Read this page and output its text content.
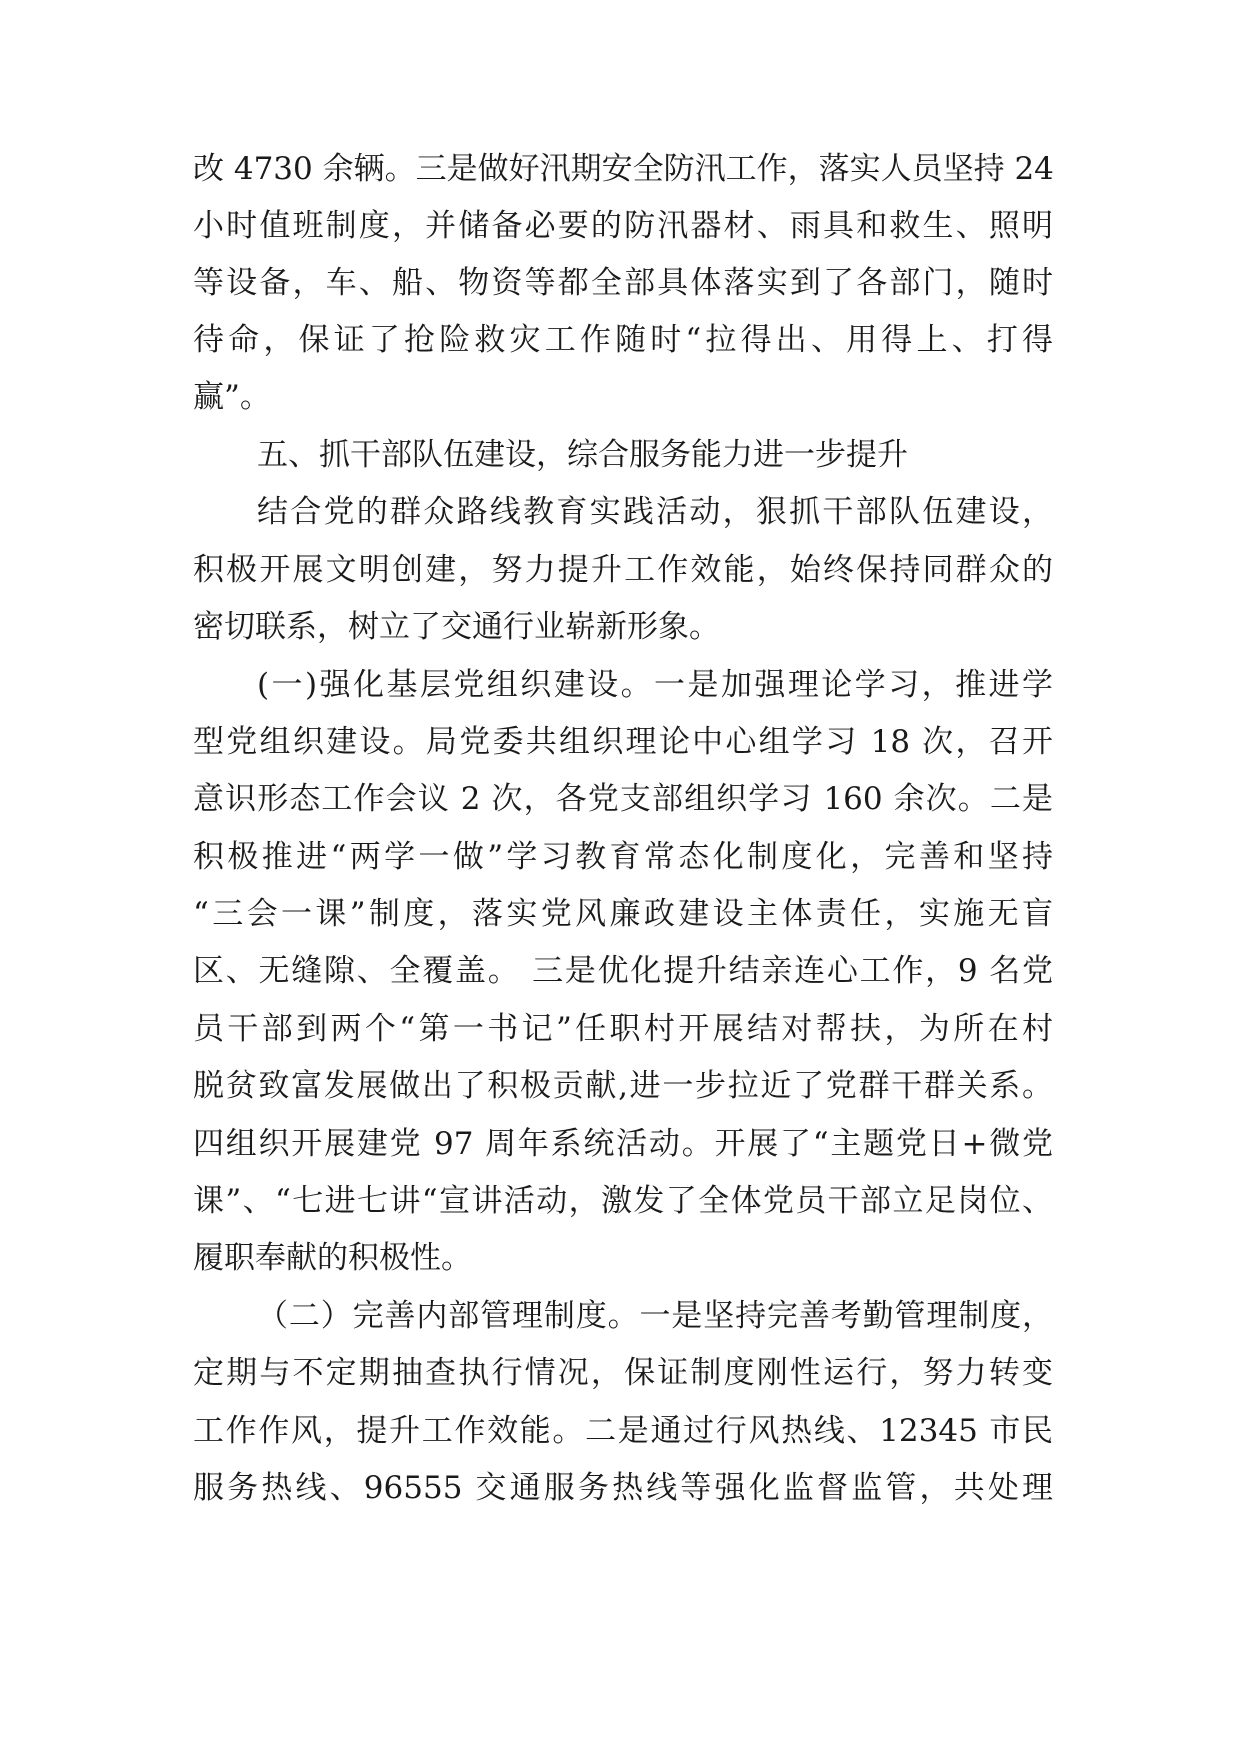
改 4730 余辆。三是做好汛期安全防汛工作，落实人员坚持 24
小时值班制度，并储备必要的防汛器材、雨具和救生、照明
等设备，车、船、物资等都全部具体落实到了各部门，随时
待命，保证了抢险救灾工作随时“拉得出、用得上、打得
赢”。
五、抓干部队伍建设，综合服务能力进一步提升
结合党的群众路线教育实践活动，狠抓干部队伍建设，
积极开展文明创建，努力提升工作效能，始终保持同群众的
密切联系，树立了交通行业崭新形象。
(一)强化基层党组织建设。一是加强理论学习，推进学
型党组织建设。局党委共组织理论中心组学习 18 次，召开
意识形态工作会议 2 次，各党支部组织学习 160 余次。二是
积极推进“两学一做”学习教育常态化制度化，完善和坚持
“三会一课”制度，落实党风廉政建设主体责任，实施无盲
区、无缝隙、全覆盖。 三是优化提升结亲连心工作，9 名党
员干部到两个“第一书记”任职村开展结对帮扶，为所在村
脱贫致富发展做出了积极贡献,进一步拉近了党群干群关系。
四组织开展建党 97 周年系统活动。开展了“主题党日+微党
课”、“七进七讲“宣讲活动，激发了全体党员干部立足岗位、
履职奉献的积极性。
（二）完善内部管理制度。一是坚持完善考勤管理制度，
定期与不定期抽查执行情况，保证制度刚性运行，努力转变
工作作风，提升工作效能。二是通过行风热线、12345 市民
服务热线、96555 交通服务热线等强化监督监管，共处理
